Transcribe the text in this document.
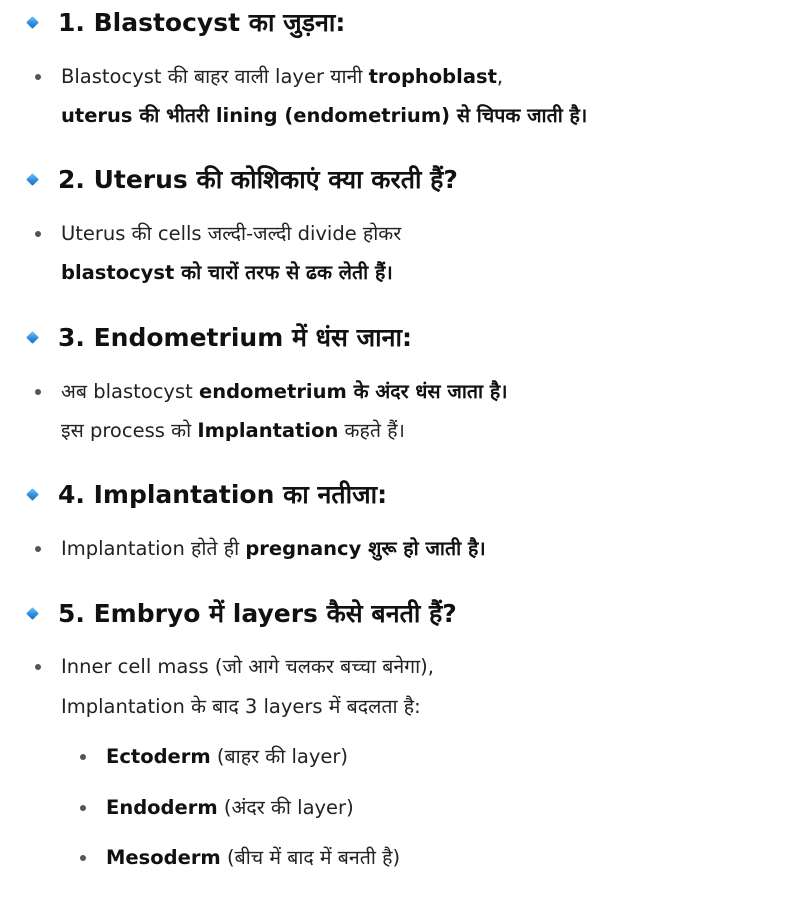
1. Blastocyst का जुड़ना:
Blastocyst की बाहर वाली layer यानी trophoblast,
uterus की भीतरी lining (endometrium) से चिपक जाती है।
2. Uterus की कोशिकाएं क्या करती हैं?
Uterus की cells जल्दी-जल्दी divide होकर
blastocyst को चारों तरफ से ढक लेती हैं।
3. Endometrium में धंस जाना:
अब blastocyst endometrium के अंदर धंस जाता है।
इस process को Implantation कहते हैं।
4. Implantation का नतीजा:
Implantation होते ही pregnancy शुरू हो जाती है।
5. Embryo में layers कैसे बनती हैं?
Inner cell mass (जो आगे चलकर बच्चा बनेगा),
Implantation के बाद 3 layers में बदलता है:
Ectoderm (बाहर की layer)
Endoderm (अंदर की layer)
Mesoderm (बीच में बाद में बनती है)
